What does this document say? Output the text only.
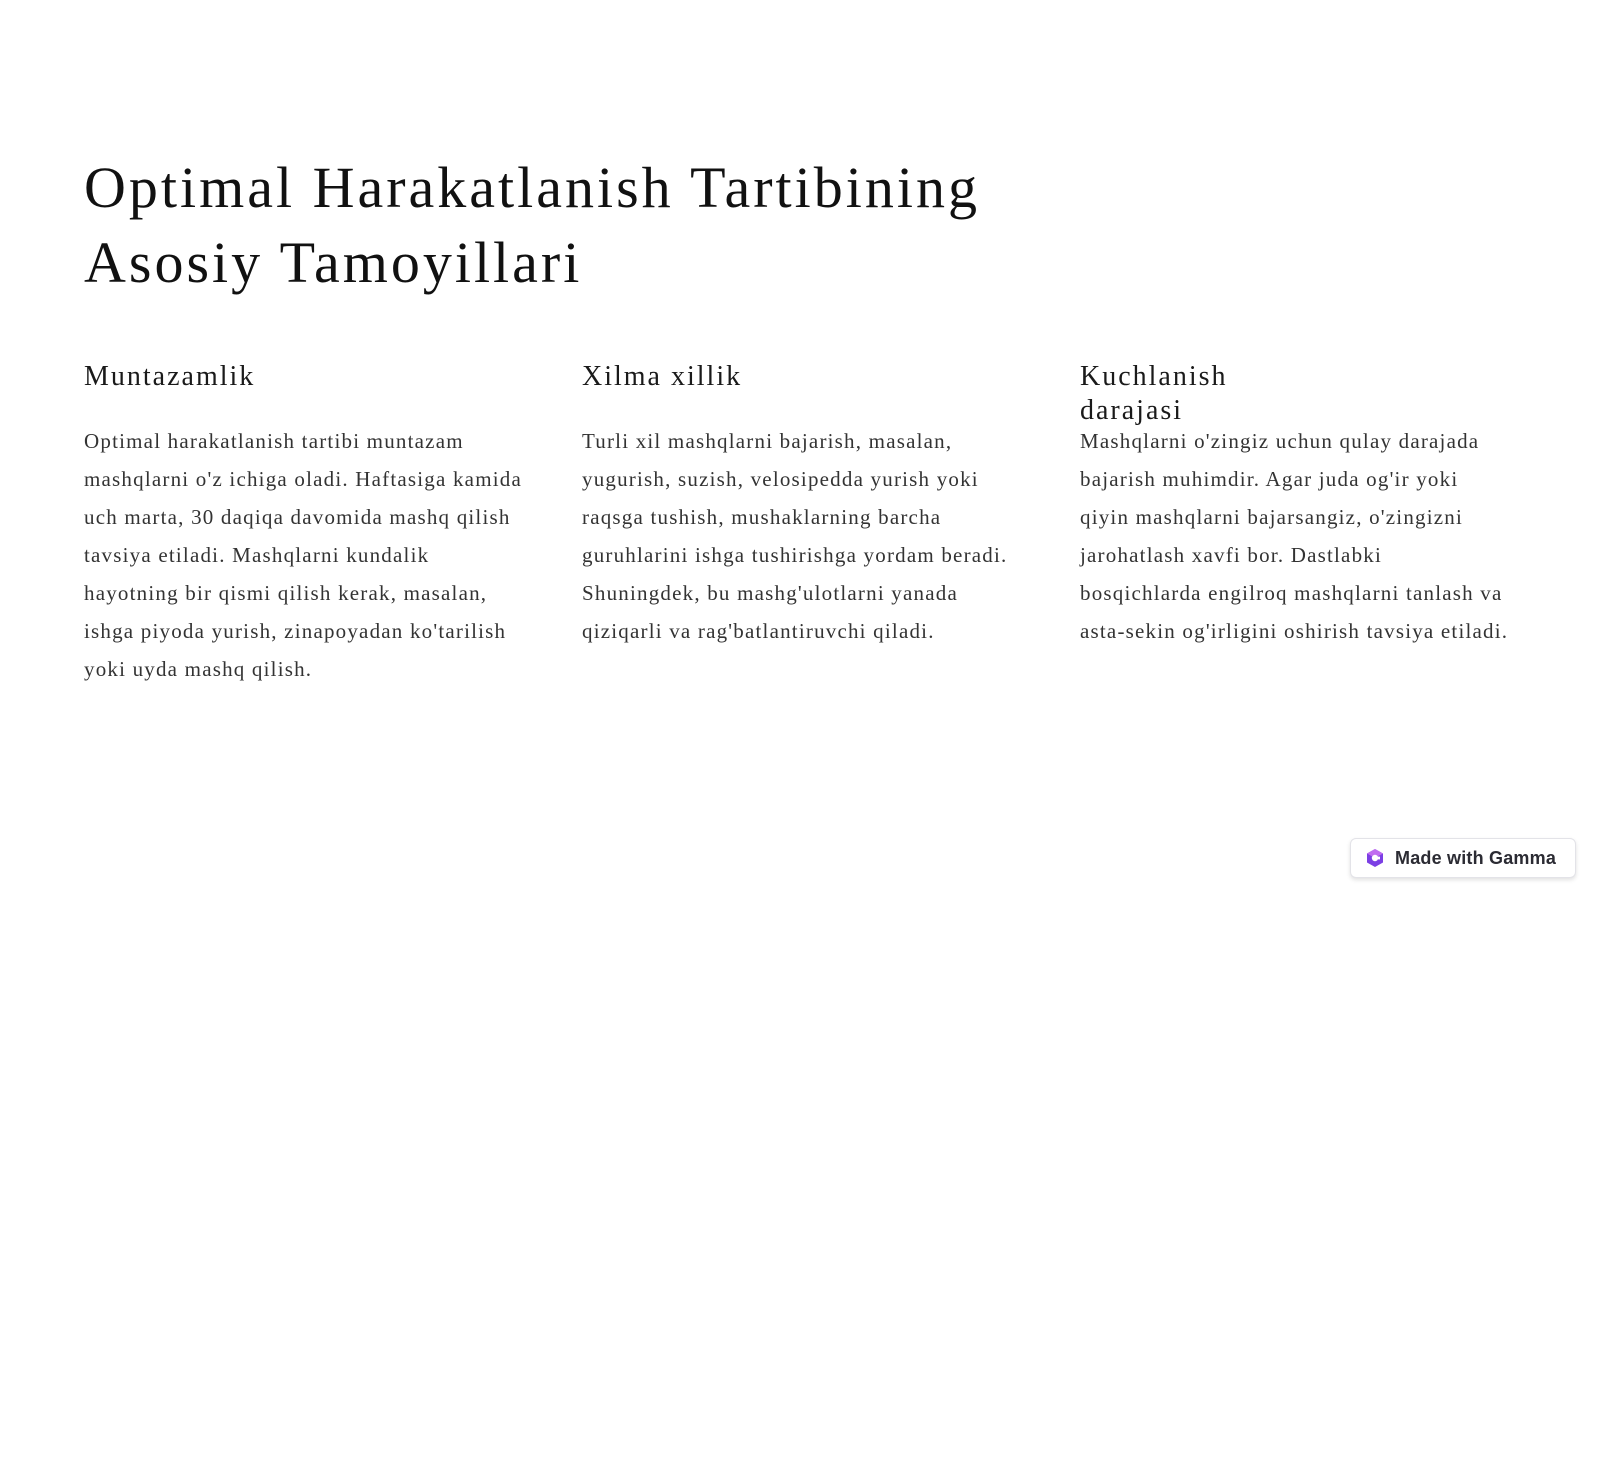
Optimal Harakatlanish Tartibining Asosiy Tamoyillari
Muntazamlik

Optimal harakatlanish tartibi muntazam mashqlarni o'z ichiga oladi. Haftasiga kamida uch marta, 30 daqiqa davomida mashq qilish tavsiya etiladi. Mashqlarni kundalik hayotning bir qismi qilish kerak, masalan, ishga piyoda yurish, zinapoyadan ko'tarilish yoki uyda mashq qilish.

Xilma xillik

Turli xil mashqlarni bajarish, masalan, yugurish, suzish, velosipedda yurish yoki raqsga tushish, mushaklarning barcha guruhlarini ishga tushirishga yordam beradi. Shuningdek, bu mashg'ulotlarni yanada qiziqarli va rag'batlantiruvchi qiladi.

Kuchlanish darajasi

Mashqlarni o'zingiz uchun qulay darajada bajarish muhimdir. Agar juda og'ir yoki qiyin mashqlarni bajarsangiz, o'zingizni jarohatlash xavfi bor. Dastlabki bosqichlarda engilroq mashqlarni tanlash va asta-sekin og'irligini oshirish tavsiya etiladi.

Made with Gamma
